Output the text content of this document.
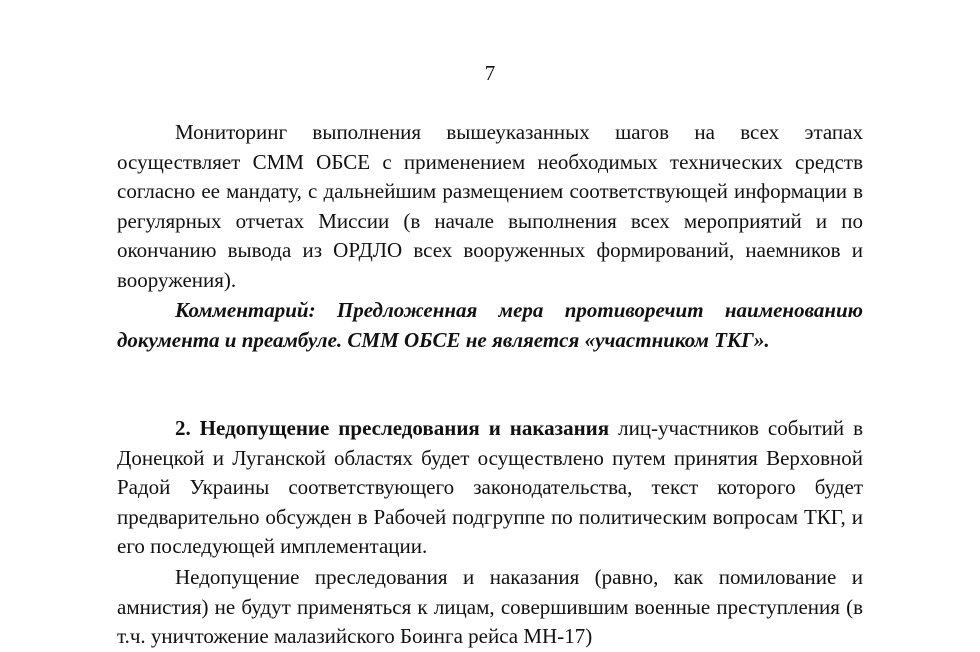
7

Мониторинг выполнения вышеуказанных шагов на всех этапах осуществляет СММ ОБСЕ с применением необходимых технических средств согласно ее мандату, с дальнейшим размещением соответствующей информации в регулярных отчетах Миссии (в начале выполнения всех мероприятий и по окончанию вывода из ОРДЛО всех вооруженных формирований, наемников и вооружения).

Комментарий: Предложенная мера противоречит наименованию документа и преамбуле. СММ ОБСЕ не является «участником ТКГ».

2. Недопущение преследования и наказания лиц-участников событий в Донецкой и Луганской областях будет осуществлено путем принятия Верховной Радой Украины соответствующего законодательства, текст которого будет предварительно обсужден в Рабочей подгруппе по политическим вопросам ТКГ, и его последующей имплементации.

Недопущение преследования и наказания (равно, как помилование и амнистия) не будут применяться к лицам, совершившим военные преступления (в т.ч. уничтожение малазийского Боинга рейса МН-17)
